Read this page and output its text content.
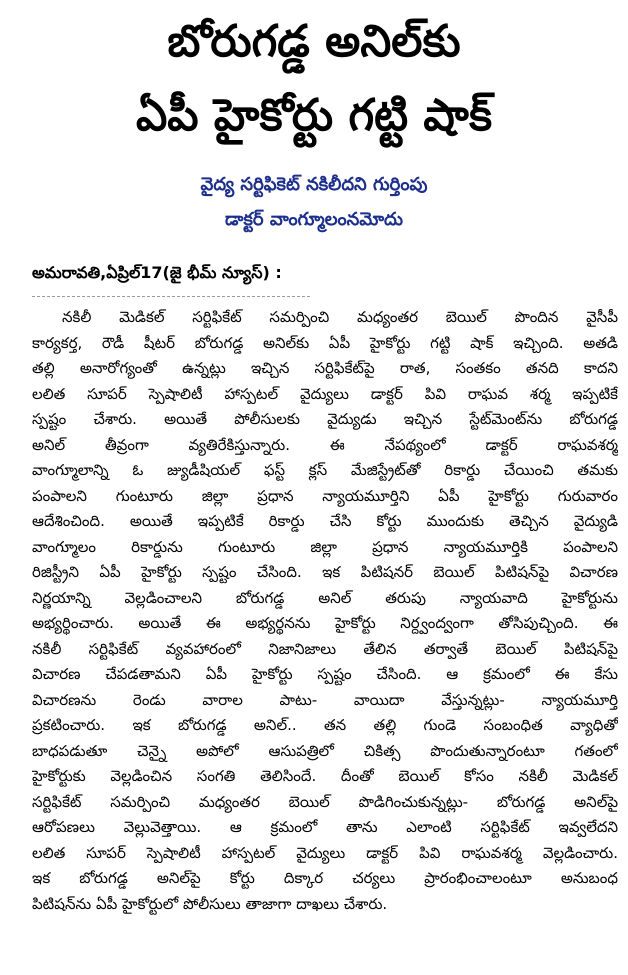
బోరుగడ్డ అనిల్‌కు
ఏపీ హైకోర్టు గట్టి షాక్
వైద్య సర్టిఫికెట్ నకిలీదని గుర్తింపు
డాక్టర్ వాంగ్మూలంనమోదు
అమరావతి,ఏప్రిల్17(జై భీమ్ న్యూస్) :
నకిలీ మెడికల్ సర్టిఫికేట్ సమర్పించి మధ్యంతర బెయిల్ పొందిన వైసీపీ
కార్యకర్త, రౌడీ షీటర్ బోరుగడ్డ అనిల్‌కు ఏపీ హైకోర్టు గట్టి షాక్ ఇచ్చింది. అతడి
తల్లి అనారోగ్యంతో ఉన్నట్లు ఇచ్చిన సర్టిఫికేట్‌పై రాత, సంతకం తనది కాదని
లలిత సూపర్ స్పెషాలిటీ హాస్పటల్ వైద్యులు డాక్టర్ పివి రాఘవ శర్మ ఇప్పటికే
స్పష్టం చేశారు. అయితే పోలీసులకు వైద్యుడు ఇచ్చిన స్టేట్‌మెంట్‌ను బోరుగడ్డ
అనిల్ తీవ్రంగా వ్యతిరేకిస్తున్నారు. ఈ నేపథ్యంలో డాక్టర్ రాఘవశర్మ
వాంగ్మూలాన్ని ఓ జ్యుడీషియల్ ఫస్ట్ క్లస్ మేజిస్ట్రేట్‌తో రికార్డు చేయించి తమకు
పంపాలని గుంటూరు జిల్లా ప్రధాన న్యాయమూర్తిని ఏపీ హైకోర్టు గురువారం
ఆదేశించింది. అయితే ఇప్పటికే రికార్డు చేసి కోర్టు ముందుకు తెచ్చిన వైద్యుడి
వాంగ్మూలం రికార్డును గుంటూరు జిల్లా ప్రధాన న్యాయమూర్తికి పంపాలని
రిజిస్ట్రీని ఏపీ హైకోర్టు స్పష్టం చేసింది. ఇక పిటిషనర్ బెయిల్ పిటిషన్‌పై విచారణ
నిర్ణయాన్ని వెల్లడించాలని బోరుగడ్డ అనిల్ తరుపు న్యాయవాది హైకోర్టును
అభ్యర్థించారు. అయితే ఈ అభ్యర్థనను హైకోర్టు నిర్ద్వంద్వంగా తోసిపుచ్చింది. ఈ
నకిలీ సర్టిఫికేట్ వ్యవహారంలో నిజానిజాలు తేలిన తర్వాతే బెయిల్ పిటిషన్‌పై
విచారణ చేపడతామని ఏపీ హైకోర్టు స్పష్టం చేసింది. ఆ క్రమంలో ఈ కేసు
విచారణను రెండు వారాల పాటు- వాయిదా వేస్తున్నట్లు- న్యాయమూర్తి
ప్రకటించారు. ఇక బోరుగడ్డ అనిల్.. తన తల్లి గుండె సంబంధిత వ్యాధితో
బాధపడుతూ చెన్నై అపోలో ఆసుపత్రిలో చికిత్స పొందుతున్నారంటూ గతంలో
హైకోర్టుకు వెల్లడించిన సంగతి తెలిసిందే. దీంతో బెయిల్ కోసం నకిలీ మెడికల్
సర్టిఫికేట్ సమర్పించి మధ్యంతర బెయిల్ పొడిగించుకున్నట్లు- బోరుగడ్డ అనిల్‌పై
ఆరోపణలు వెల్లువెత్తాయి. ఆ క్రమంలో తాను ఎలాంటి సర్టిఫికేట్ ఇవ్వలేదని
లలిత సూపర్ స్పెషాలిటీ హాస్పటల్ వైద్యులు డాక్టర్ పివి రాఘవశర్మ వెల్లడించారు.
ఇక బోరుగడ్డ అనిల్‌పై కోర్టు దిక్కార చర్యలు ప్రారంభించాలంటూ అనుబంధ
పిటిషన్‌ను ఏపీ హైకోర్టులో పోలీసులు తాజాగా దాఖలు చేశారు.
